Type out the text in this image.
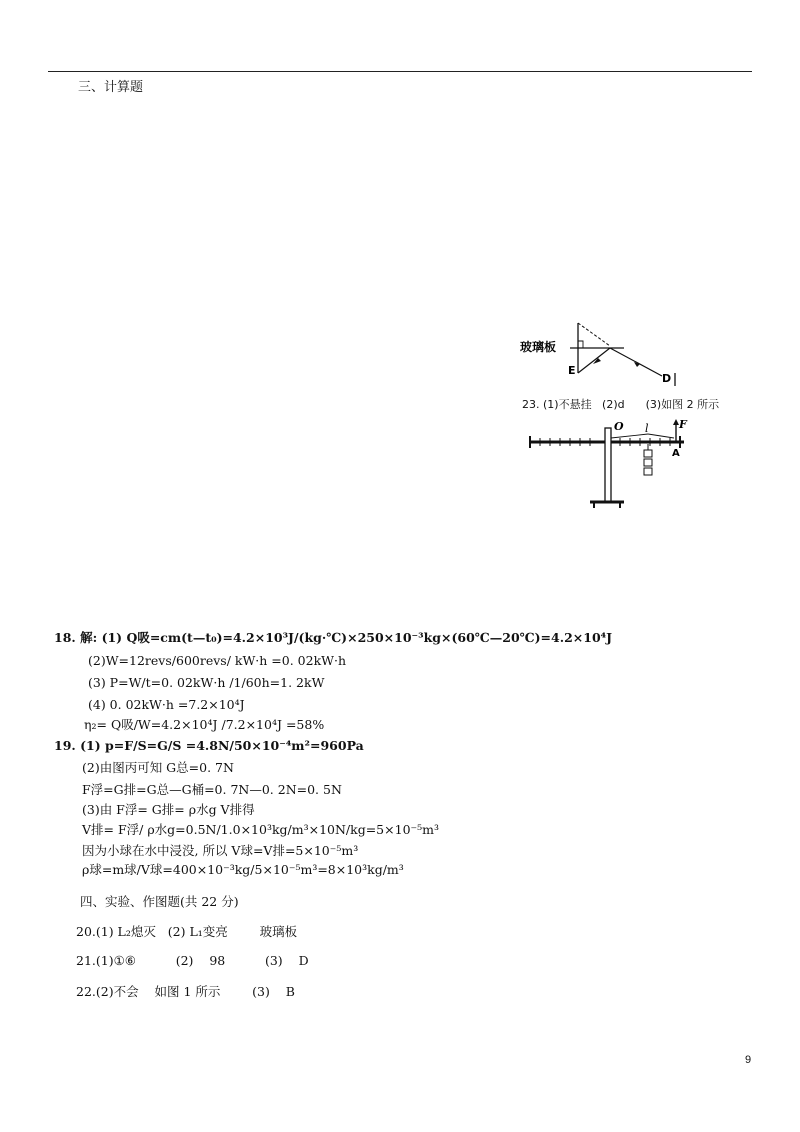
三、计算题
玻璃板
E
D
23. (1)不悬挂   (2)d      (3)如图 2 所示
O l	F
A
18. 解: (1) Q吸=cm(t—t₀)=4.2×10³J/(kg·℃)×250×10⁻³kg×(60℃—20℃)=4.2×10⁴J
(2)W=12revs/600revs/ kW·h =0. 02kW·h
(3) P=W/t=0. 02kW·h /1/60h=1. 2kW
(4) 0. 02kW·h =7.2×10⁴J
η₂= Q吸/W=4.2×10⁴J /7.2×10⁴J =58%
19. (1) p=F/S=G/S =4.8N/50×10⁻⁴m²=960Pa
(2)由图丙可知 G总=0. 7N
F浮=G排=G总—G桶=0. 7N—0. 2N=0. 5N
(3)由 F浮= G排= ρ水g V排得
V排= F浮/ ρ水g=0.5N/1.0×10³kg/m³×10N/kg=5×10⁻⁵m³
因为小球在水中浸没, 所以 V球=V排=5×10⁻⁵m³
ρ球=m球/V球=400×10⁻³kg/5×10⁻⁵m³=8×10³kg/m³
四、实验、作图题(共 22 分)
20.(1) L₂熄灭   (2) L₁变亮        玻璃板
21.(1)①⑥          (2)    98          (3)    D
22.(2)不会    如图 1 所示        (3)    B
9
